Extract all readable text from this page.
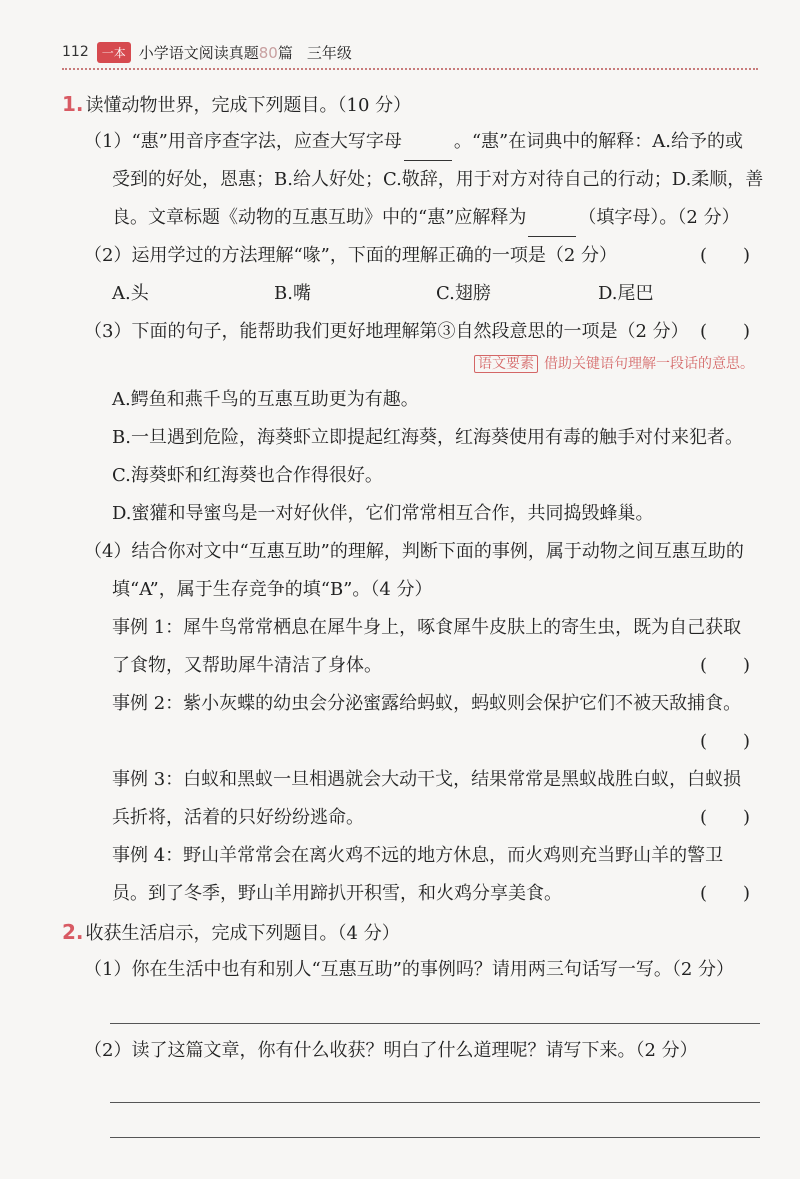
112	一本 小学语文阅读真题80篇 三年级
1. 读懂动物世界，完成下列题目。（10 分）
（1）“惠”用音序查字法，应查大写字母	。“惠”在词典中的解释：A.给予的或
受到的好处，恩惠；B.给人好处；C.敬辞，用于对方对待自己的行动；D.柔顺，善
良。文章标题《动物的互惠互助》中的“惠”应解释为	（填字母）。（2 分）
（2）运用学过的方法理解“喙”，下面的理解正确的一项是（2 分）	(　　)
A.头	B.嘴	C.翅膀	D.尾巴
（3）下面的句子，能帮助我们更好地理解第③自然段意思的一项是（2 分） (　　)
语文要素 借助关键语句理解一段话的意思。
A.鳄鱼和燕千鸟的互惠互助更为有趣。
B.一旦遇到危险，海葵虾立即提起红海葵，红海葵使用有毒的触手对付来犯者。
C.海葵虾和红海葵也合作得很好。
D.蜜獾和导蜜鸟是一对好伙伴，它们常常相互合作，共同捣毁蜂巢。
（4）结合你对文中“互惠互助”的理解，判断下面的事例，属于动物之间互惠互助的
填“A”，属于生存竞争的填“B”。（4 分）
事例 1：犀牛鸟常常栖息在犀牛身上，啄食犀牛皮肤上的寄生虫，既为自己获取
了食物，又帮助犀牛清洁了身体。	(　　)
事例 2：紫小灰蝶的幼虫会分泌蜜露给蚂蚁，蚂蚁则会保护它们不被天敌捕食。
(　　)
事例 3：白蚁和黑蚁一旦相遇就会大动干戈，结果常常是黑蚁战胜白蚁，白蚁损
兵折将，活着的只好纷纷逃命。	(　　)
事例 4：野山羊常常会在离火鸡不远的地方休息，而火鸡则充当野山羊的警卫
员。到了冬季，野山羊用蹄扒开积雪，和火鸡分享美食。	(　　)
2. 收获生活启示，完成下列题目。（4 分）
（1）你在生活中也有和别人“互惠互助”的事例吗？请用两三句话写一写。（2 分）
（2）读了这篇文章，你有什么收获？明白了什么道理呢？请写下来。（2 分）
